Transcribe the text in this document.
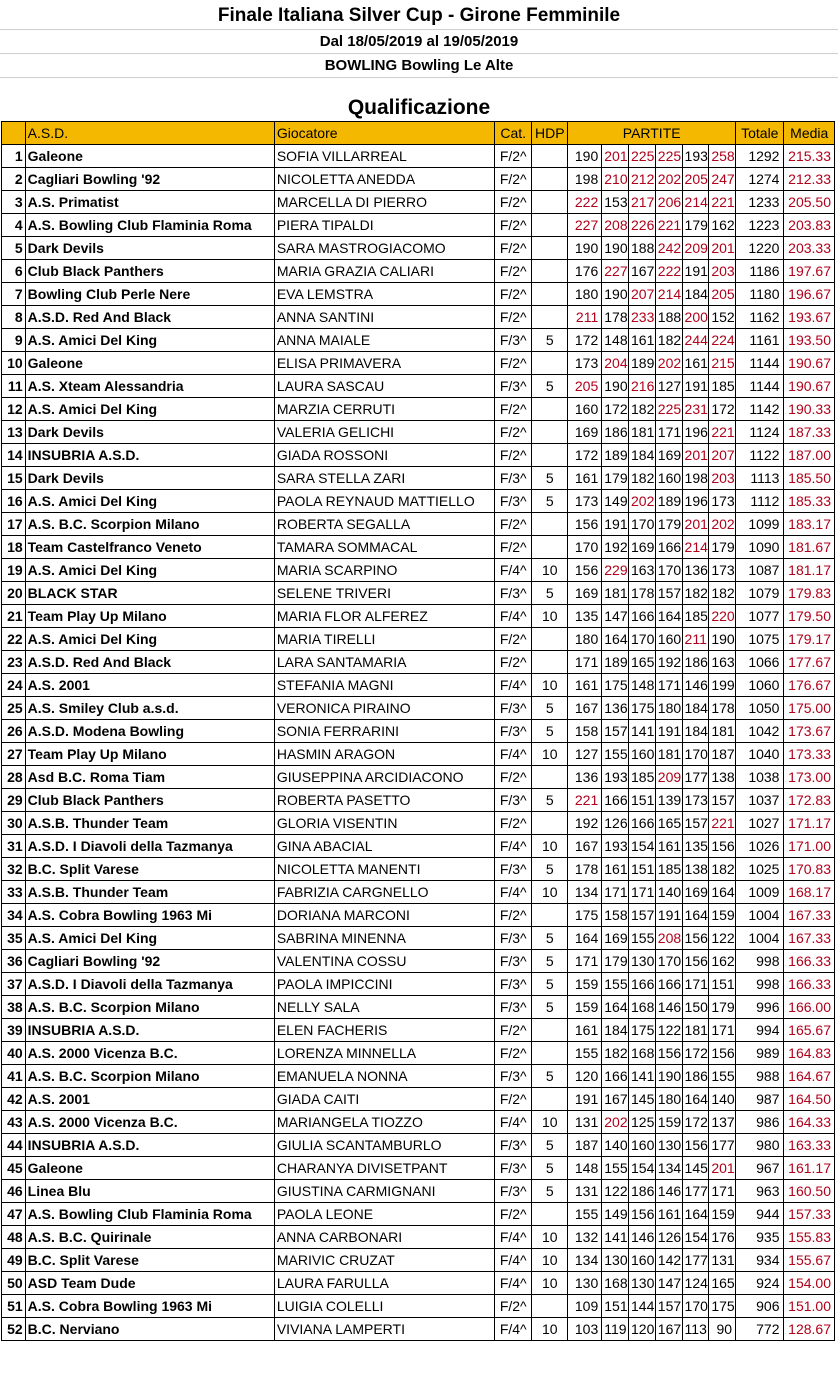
Finale Italiana Silver Cup - Girone Femminile
Dal 18/05/2019 al 19/05/2019
BOWLING Bowling Le Alte
Qualificazione
	A.S.D.	Giocatore	Cat.	HDP	PARTITE						Totale	Media
1	Galeone	SOFIA VILLARREAL	F/2^		190	201	225	225	193	258	1292	215.33
2	Cagliari Bowling '92	NICOLETTA ANEDDA	F/2^		198	210	212	202	205	247	1274	212.33
3	A.S. Primatist	MARCELLA DI PIERRO	F/2^		222	153	217	206	214	221	1233	205.50
4	A.S. Bowling Club Flaminia Roma	PIERA TIPALDI	F/2^		227	208	226	221	179	162	1223	203.83
5	Dark Devils	SARA MASTROGIACOMO	F/2^		190	190	188	242	209	201	1220	203.33
6	Club Black Panthers	MARIA GRAZIA CALIARI	F/2^		176	227	167	222	191	203	1186	197.67
7	Bowling Club Perle Nere	EVA LEMSTRA	F/2^		180	190	207	214	184	205	1180	196.67
8	A.S.D. Red And Black	ANNA SANTINI	F/2^		211	178	233	188	200	152	1162	193.67
9	A.S. Amici Del King	ANNA MAIALE	F/3^	5	172	148	161	182	244	224	1161	193.50
10	Galeone	ELISA PRIMAVERA	F/2^		173	204	189	202	161	215	1144	190.67
11	A.S. Xteam Alessandria	LAURA SASCAU	F/3^	5	205	190	216	127	191	185	1144	190.67
12	A.S. Amici Del King	MARZIA CERRUTI	F/2^		160	172	182	225	231	172	1142	190.33
13	Dark Devils	VALERIA GELICHI	F/2^		169	186	181	171	196	221	1124	187.33
14	INSUBRIA A.S.D.	GIADA ROSSONI	F/2^		172	189	184	169	201	207	1122	187.00
15	Dark Devils	SARA STELLA ZARI	F/3^	5	161	179	182	160	198	203	1113	185.50
16	A.S. Amici Del King	PAOLA REYNAUD MATTIELLO	F/3^	5	173	149	202	189	196	173	1112	185.33
17	A.S. B.C. Scorpion Milano	ROBERTA SEGALLA	F/2^		156	191	170	179	201	202	1099	183.17
18	Team Castelfranco Veneto	TAMARA SOMMACAL	F/2^		170	192	169	166	214	179	1090	181.67
19	A.S. Amici Del King	MARIA SCARPINO	F/4^	10	156	229	163	170	136	173	1087	181.17
20	BLACK STAR	SELENE TRIVERI	F/3^	5	169	181	178	157	182	182	1079	179.83
21	Team Play Up Milano	MARIA FLOR ALFEREZ	F/4^	10	135	147	166	164	185	220	1077	179.50
22	A.S. Amici Del King	MARIA TIRELLI	F/2^		180	164	170	160	211	190	1075	179.17
23	A.S.D. Red And Black	LARA SANTAMARIA	F/2^		171	189	165	192	186	163	1066	177.67
24	A.S. 2001	STEFANIA MAGNI	F/4^	10	161	175	148	171	146	199	1060	176.67
25	A.S. Smiley Club a.s.d.	VERONICA PIRAINO	F/3^	5	167	136	175	180	184	178	1050	175.00
26	A.S.D. Modena Bowling	SONIA FERRARINI	F/3^	5	158	157	141	191	184	181	1042	173.67
27	Team Play Up Milano	HASMIN ARAGON	F/4^	10	127	155	160	181	170	187	1040	173.33
28	Asd B.C. Roma Tiam	GIUSEPPINA ARCIDIACONO	F/2^		136	193	185	209	177	138	1038	173.00
29	Club Black Panthers	ROBERTA PASETTO	F/3^	5	221	166	151	139	173	157	1037	172.83
30	A.S.B. Thunder Team	GLORIA VISENTIN	F/2^		192	126	166	165	157	221	1027	171.17
31	A.S.D. I Diavoli della Tazmanya	GINA ABACIAL	F/4^	10	167	193	154	161	135	156	1026	171.00
32	B.C. Split Varese	NICOLETTA MANENTI	F/3^	5	178	161	151	185	138	182	1025	170.83
33	A.S.B. Thunder Team	FABRIZIA CARGNELLO	F/4^	10	134	171	171	140	169	164	1009	168.17
34	A.S. Cobra Bowling 1963 Mi	DORIANA MARCONI	F/2^		175	158	157	191	164	159	1004	167.33
35	A.S. Amici Del King	SABRINA MINENNA	F/3^	5	164	169	155	208	156	122	1004	167.33
36	Cagliari Bowling '92	VALENTINA COSSU	F/3^	5	171	179	130	170	156	162	998	166.33
37	A.S.D. I Diavoli della Tazmanya	PAOLA IMPICCINI	F/3^	5	159	155	166	166	171	151	998	166.33
38	A.S. B.C. Scorpion Milano	NELLY SALA	F/3^	5	159	164	168	146	150	179	996	166.00
39	INSUBRIA A.S.D.	ELEN FACHERIS	F/2^		161	184	175	122	181	171	994	165.67
40	A.S. 2000 Vicenza B.C.	LORENZA MINNELLA	F/2^		155	182	168	156	172	156	989	164.83
41	A.S. B.C. Scorpion Milano	EMANUELA NONNA	F/3^	5	120	166	141	190	186	155	988	164.67
42	A.S. 2001	GIADA CAITI	F/2^		191	167	145	180	164	140	987	164.50
43	A.S. 2000 Vicenza B.C.	MARIANGELA TIOZZO	F/4^	10	131	202	125	159	172	137	986	164.33
44	INSUBRIA A.S.D.	GIULIA SCANTAMBURLO	F/3^	5	187	140	160	130	156	177	980	163.33
45	Galeone	CHARANYA DIVISETPANT	F/3^	5	148	155	154	134	145	201	967	161.17
46	Linea Blu	GIUSTINA CARMIGNANI	F/3^	5	131	122	186	146	177	171	963	160.50
47	A.S. Bowling Club Flaminia Roma	PAOLA LEONE	F/2^		155	149	156	161	164	159	944	157.33
48	A.S. B.C. Quirinale	ANNA CARBONARI	F/4^	10	132	141	146	126	154	176	935	155.83
49	B.C. Split Varese	MARIVIC CRUZAT	F/4^	10	134	130	160	142	177	131	934	155.67
50	ASD Team Dude	LAURA FARULLA	F/4^	10	130	168	130	147	124	165	924	154.00
51	A.S. Cobra Bowling 1963 Mi	LUIGIA COLELLI	F/2^		109	151	144	157	170	175	906	151.00
52	B.C. Nerviano	VIVIANA LAMPERTI	F/4^	10	103	119	120	167	113	90	772	128.67
